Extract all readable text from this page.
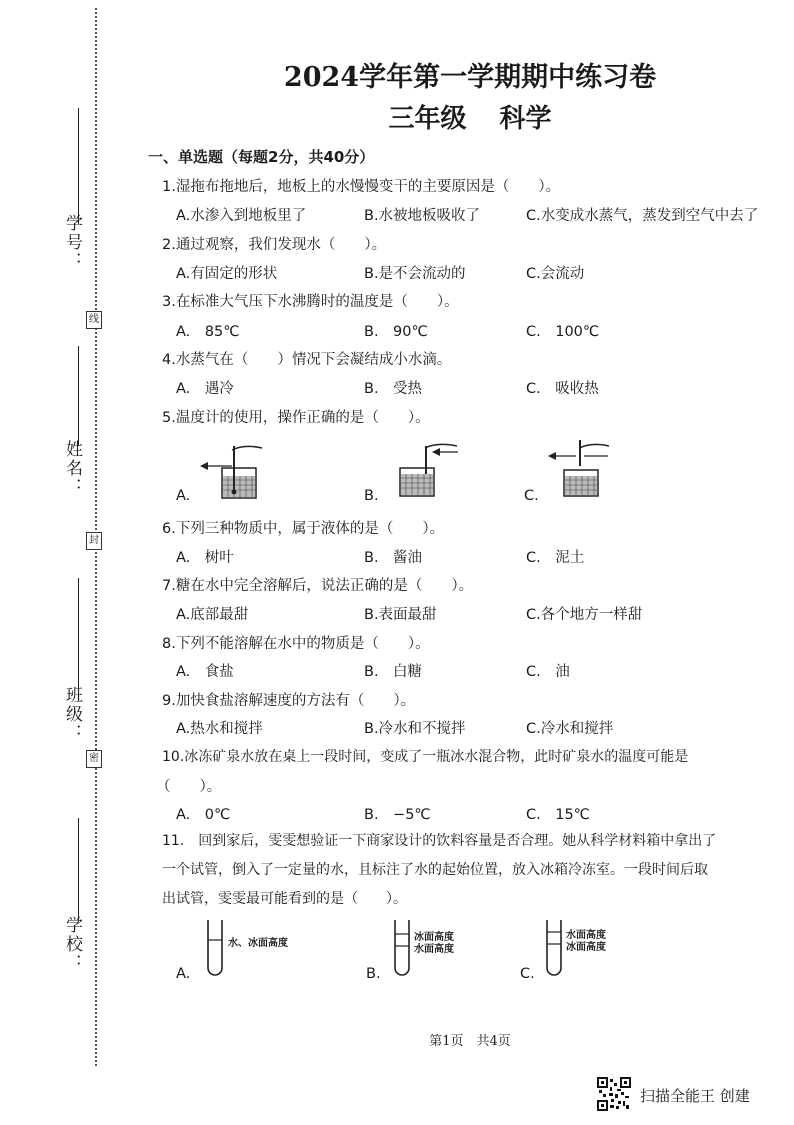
学号：
姓名：
班级：
学校：
线
封
密
2024学年第一学期期中练习卷
三年级 科学
一、单选题（每题2分，共40分）
1.湿拖布拖地后，地板上的水慢慢变干的主要原因是（　　）。
A.水渗入到地板里了	B.水被地板吸收了	C.水变成水蒸气，蒸发到空气中去了
2.通过观察，我们发现水（　　）。
A.有固定的形状	B.是不会流动的	C.会流动
3.在标准大气压下水沸腾时的温度是（　　）。
A.　85℃	B.　90℃	C.　100℃
4.水蒸气在（　　）情况下会凝结成小水滴。
A.　遇冷	B.　受热	C.　吸收热
5.温度计的使用，操作正确的是（　　）。
A.	B.	C.
6.下列三种物质中，属于液体的是（　　）。
A.　树叶	B.　酱油	C.　泥土
7.糖在水中完全溶解后，说法正确的是（　　）。
A.底部最甜	B.表面最甜	C.各个地方一样甜
8.下列不能溶解在水中的物质是（　　）。
A.　食盐	B.　白糖	C.　油
9.加快食盐溶解速度的方法有（　　）。
A.热水和搅拌	B.冷水和不搅拌	C.冷水和搅拌
10.冰冻矿泉水放在桌上一段时间，变成了一瓶冰水混合物，此时矿泉水的温度可能是
（　　）。
A.　0℃	B.　−5℃	C.　15℃
11.　回到家后，雯雯想验证一下商家设计的饮料容量是否合理。她从科学材料箱中拿出了
一个试管，倒入了一定量的水，且标注了水的起始位置，放入冰箱冷冻室。一段时间后取
出试管，雯雯最可能看到的是（　　）。
A.	B.	C.
水、冰面高度
冰面高度
水面高度
水面高度
冰面高度
第1页　共4页
扫描全能王 创建
